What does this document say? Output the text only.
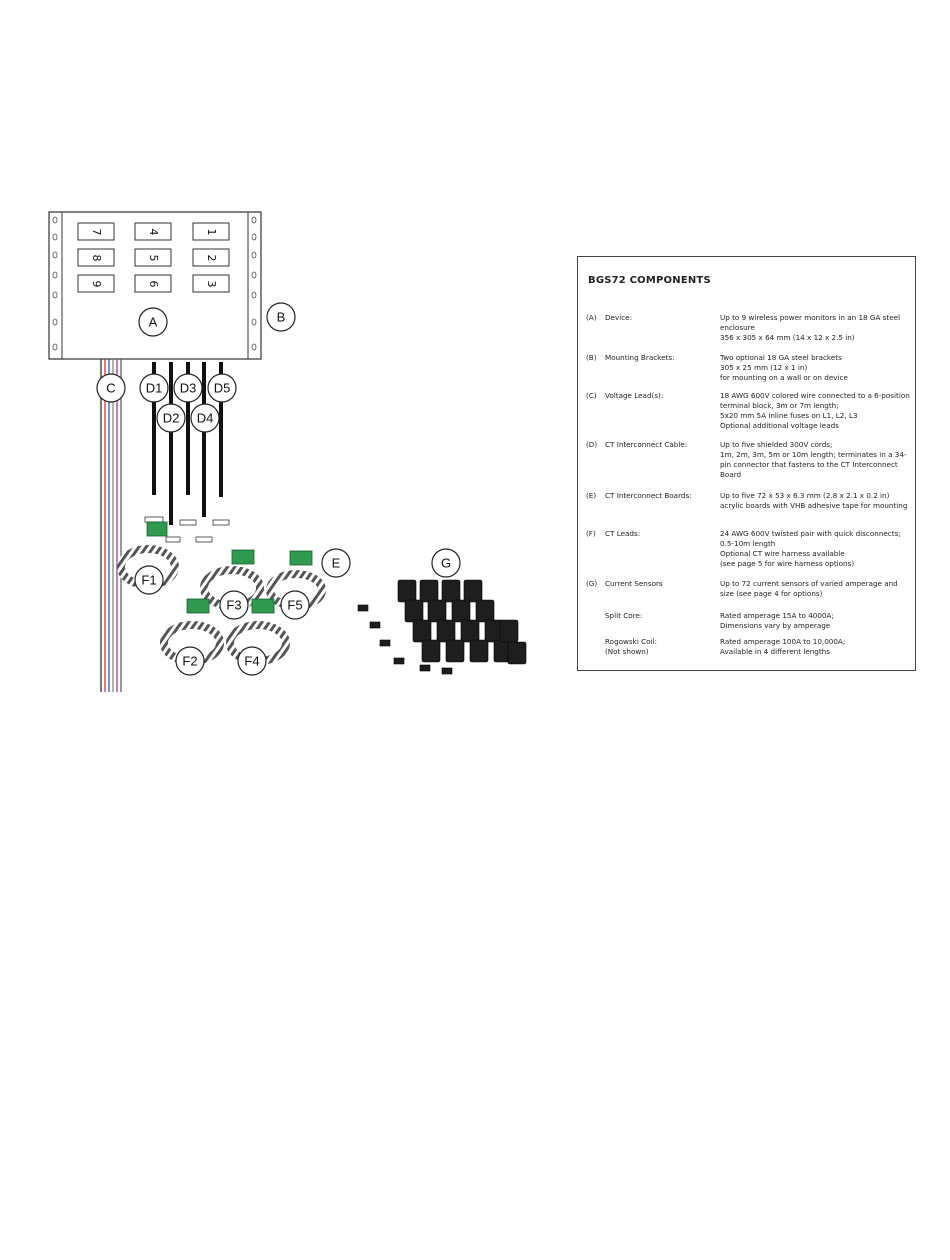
7	4	1
8	5	2
9	6	3
A	B
C D1 D3 D5
D2 D4
E
F1
F3	F5
F2	F4
G
BGS72 COMPONENTS
(A)	Device:	Up to 9 wireless power monitors in an 18 GA steel enclosure
356 x 305 x 64 mm (14 x 12 x 2.5 in)
(B)	Mounting Brackets:	Two optional 18 GA steel brackets
305 x 25 mm (12 x 1 in)
for mounting on a wall or on device
(C)	Voltage Lead(s):	18 AWG 600V colored wire connected to a 6-position terminal block, 3m or 7m length;
5x20 mm 5A inline fuses on L1, L2, L3
Optional additional voltage leads
(D)	CT Interconnect Cable:	Up to five shielded 300V cords;
1m, 2m, 3m, 5m or 10m length; terminates in a 34-pin connector that fastens to the CT Interconnect Board
(E)	CT Interconnect Boards:	Up to five 72 x 53 x 6.3 mm (2.8 x 2.1 x 0.2 in) acrylic boards with VHB adhesive tape for mounting
(F)	CT Leads:	24 AWG 600V twisted pair with quick disconnects; 0.5-10m length
Optional CT wire harness available
(see page 5 for wire harness options)
(G)	Current Sensors	Up to 72 current sensors of varied amperage and size (see page 4 for options)
Split Core:	Rated amperage 15A to 4000A;
Dimensions vary by amperage
Rogowski Coil:
(Not shown)
Rated amperage 100A to 10,000A;
Available in 4 different lengths
